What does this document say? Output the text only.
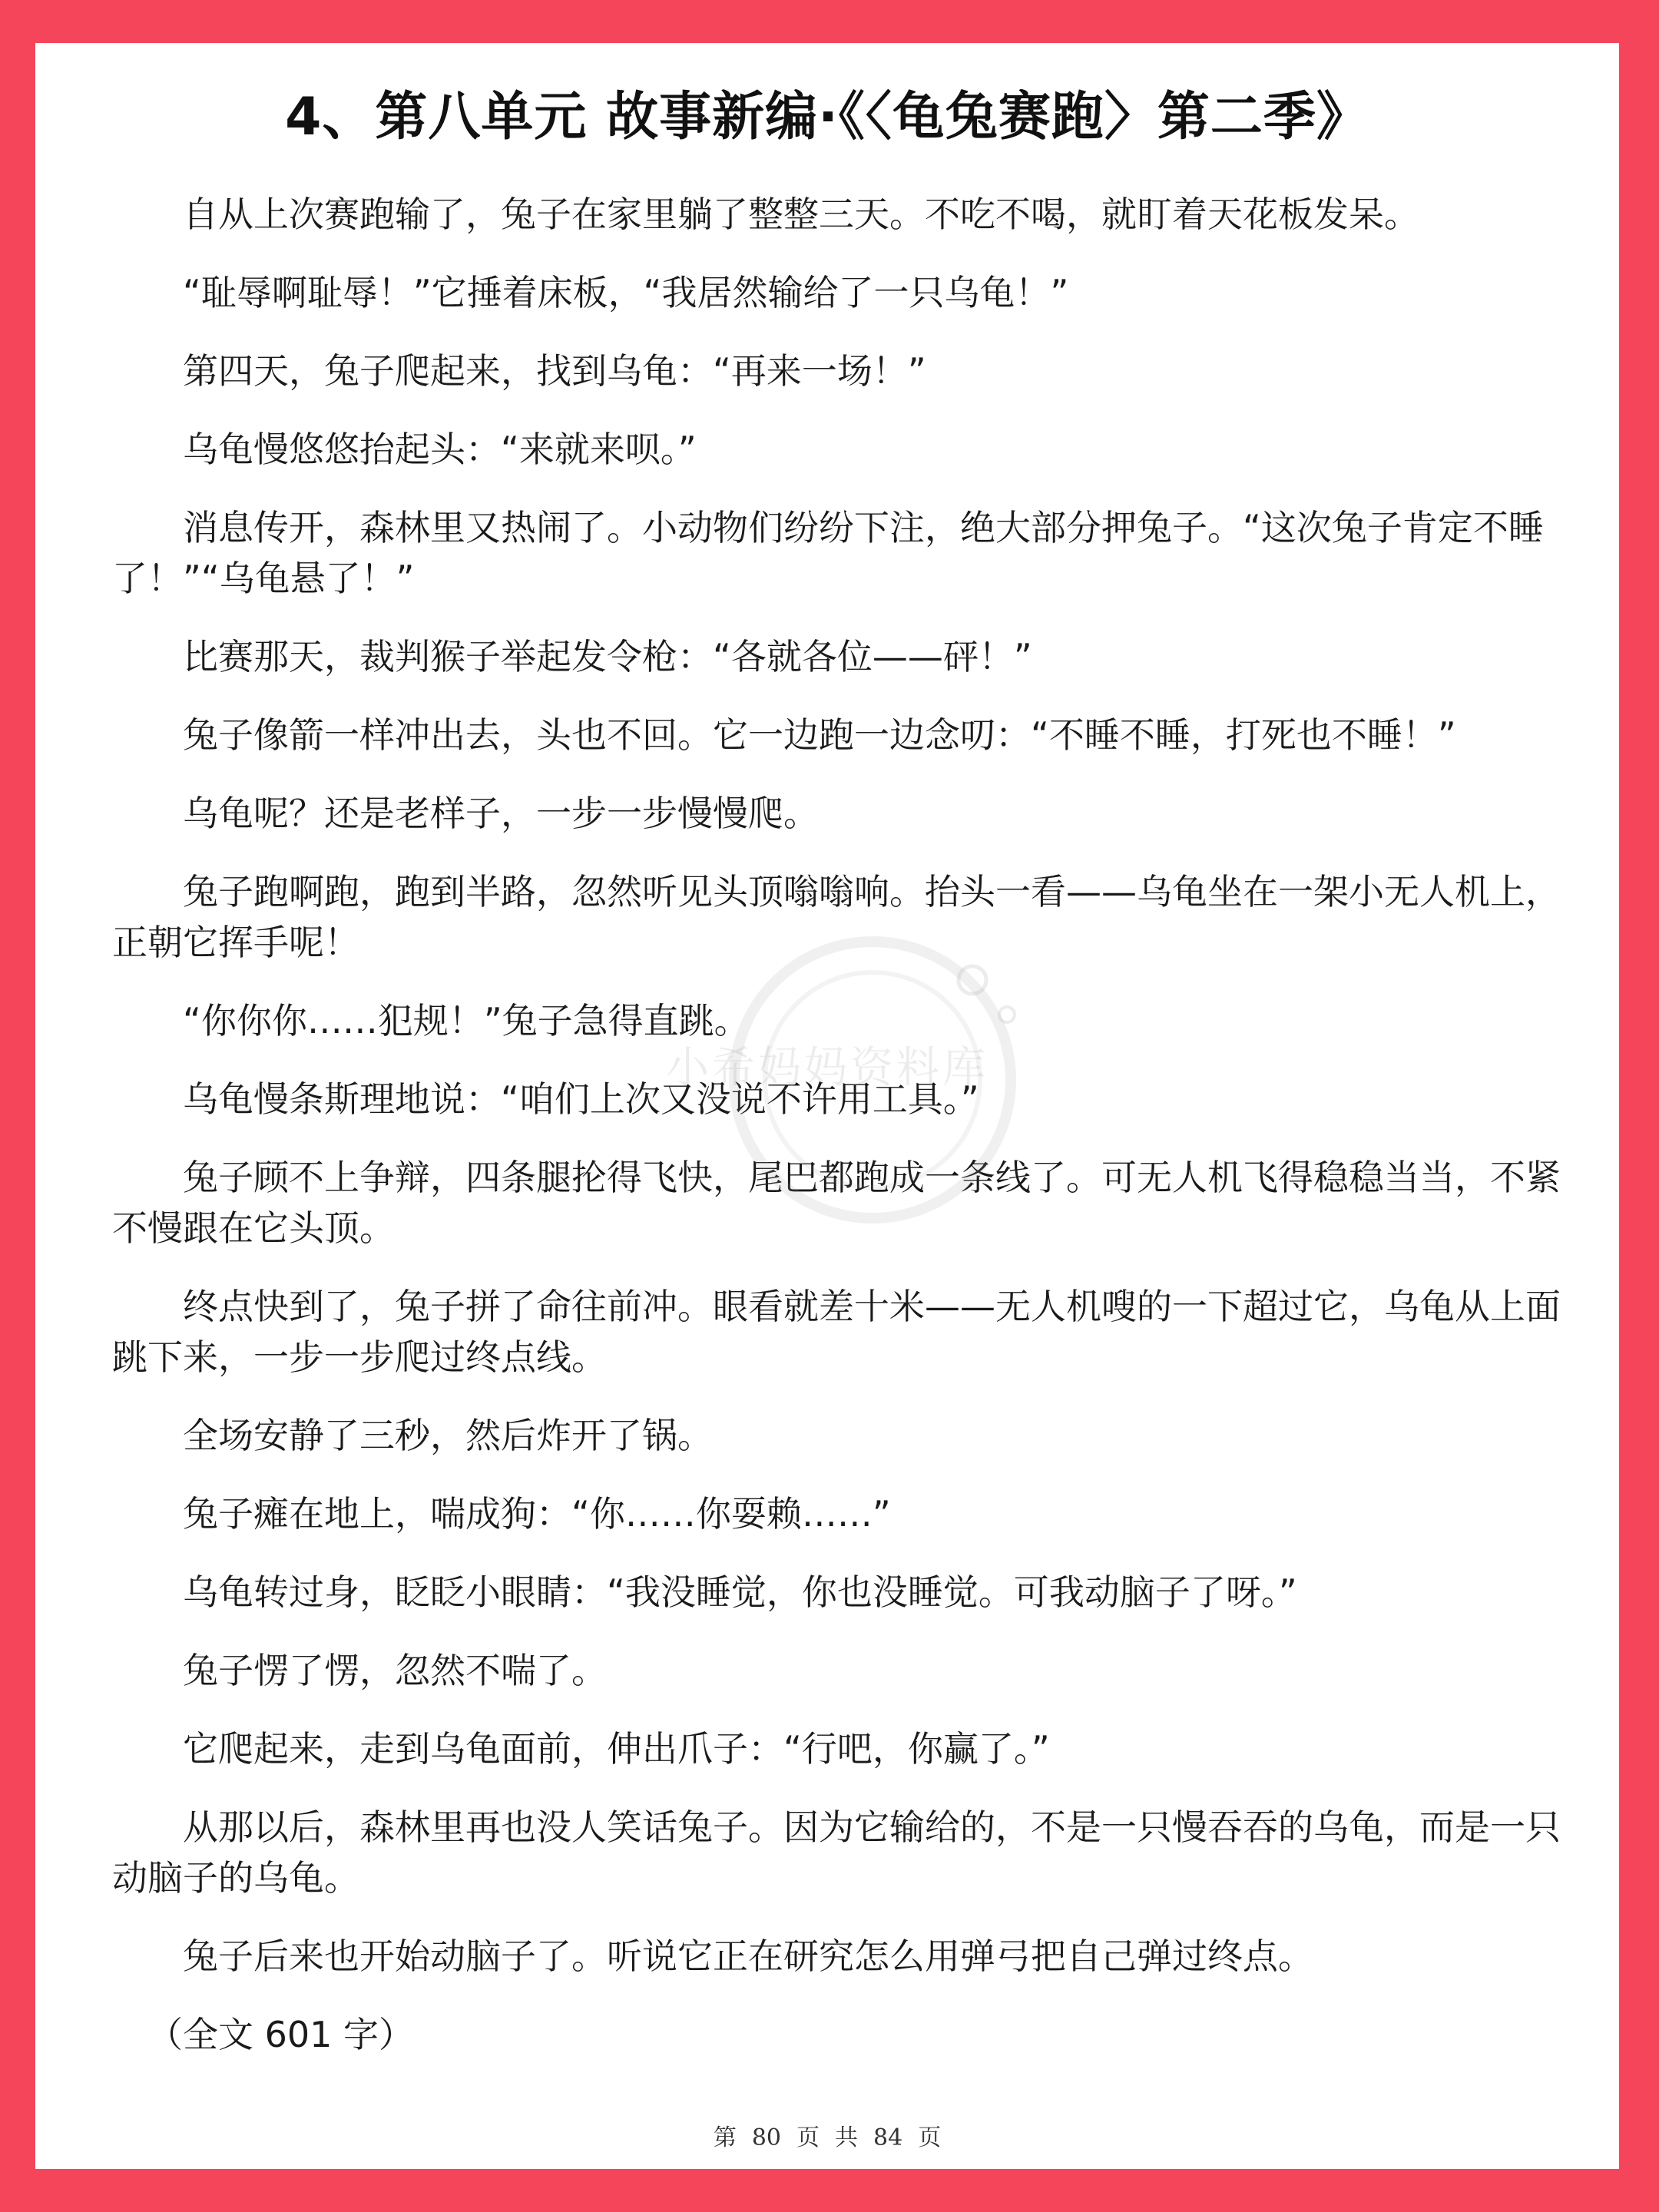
4、第八单元 故事新编·《〈龟兔赛跑〉第二季》

自从上次赛跑输了，兔子在家里躺了整整三天。不吃不喝，就盯着天花板发呆。

“耻辱啊耻辱！”它捶着床板，“我居然输给了一只乌龟！”

第四天，兔子爬起来，找到乌龟：“再来一场！”

乌龟慢悠悠抬起头：“来就来呗。”

消息传开，森林里又热闹了。小动物们纷纷下注，绝大部分押兔子。“这次兔子肯定不睡了！”“乌龟悬了！”

比赛那天，裁判猴子举起发令枪：“各就各位——砰！”

兔子像箭一样冲出去，头也不回。它一边跑一边念叨：“不睡不睡，打死也不睡！”

乌龟呢？还是老样子，一步一步慢慢爬。

兔子跑啊跑，跑到半路，忽然听见头顶嗡嗡响。抬头一看——乌龟坐在一架小无人机上，正朝它挥手呢！

“你你你……犯规！”兔子急得直跳。

乌龟慢条斯理地说：“咱们上次又没说不许用工具。”

兔子顾不上争辩，四条腿抡得飞快，尾巴都跑成一条线了。可无人机飞得稳稳当当，不紧不慢跟在它头顶。

终点快到了，兔子拼了命往前冲。眼看就差十米——无人机嗖的一下超过它，乌龟从上面跳下来，一步一步爬过终点线。

全场安静了三秒，然后炸开了锅。

兔子瘫在地上，喘成狗：“你……你耍赖……”

乌龟转过身，眨眨小眼睛：“我没睡觉，你也没睡觉。可我动脑子了呀。”

兔子愣了愣，忽然不喘了。

它爬起来，走到乌龟面前，伸出爪子：“行吧，你赢了。”

从那以后，森林里再也没人笑话兔子。因为它输给的，不是一只慢吞吞的乌龟，而是一只动脑子的乌龟。

兔子后来也开始动脑子了。听说它正在研究怎么用弹弓把自己弹过终点。

（全文 601 字）

小希妈妈资料库
第 80 页 共 84 页
